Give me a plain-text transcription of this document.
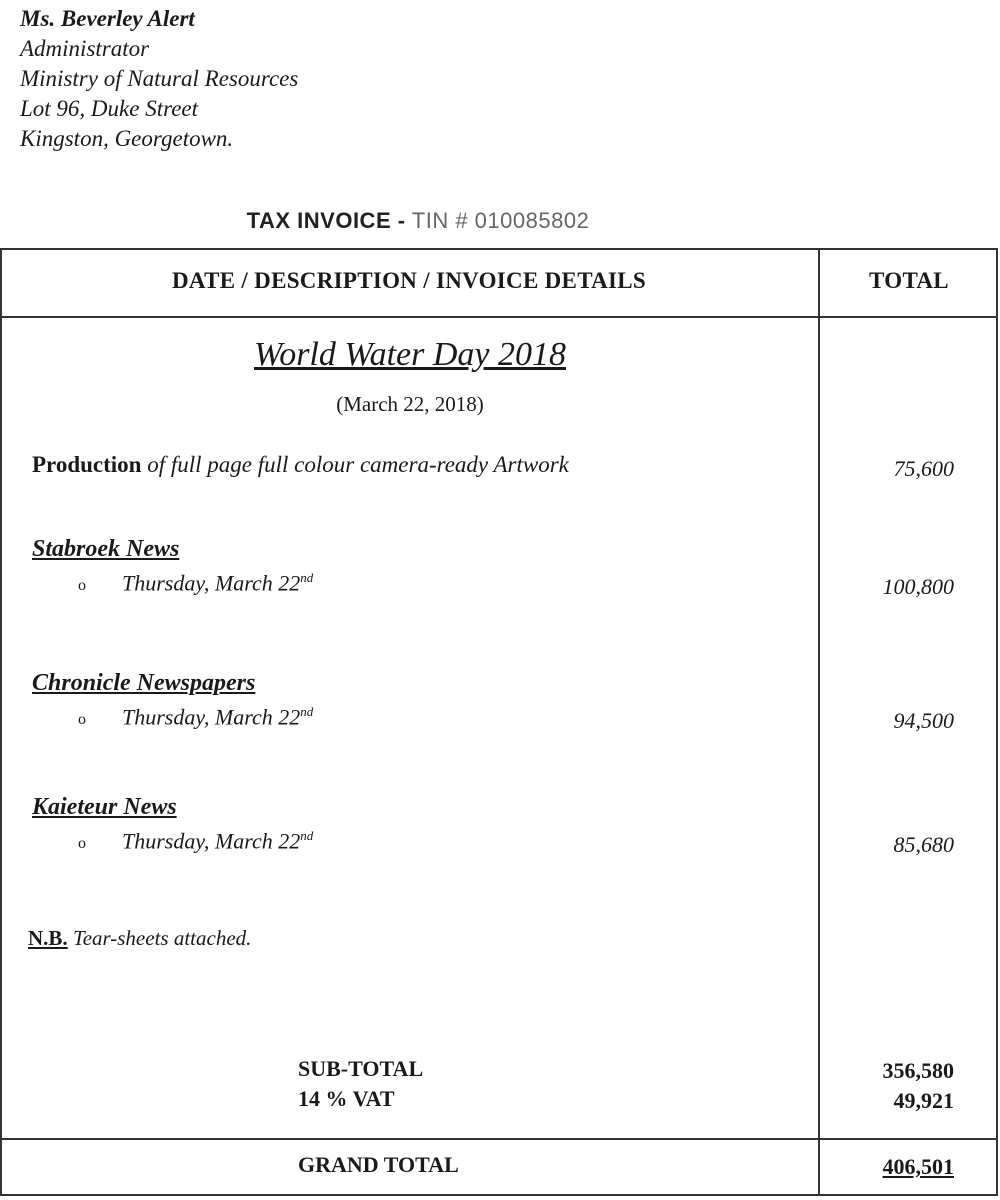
Ms. Beverley Alert
Administrator
Ministry of Natural Resources
Lot 96, Duke Street
Kingston, Georgetown.
TAX INVOICE - TIN # 010085802
DATE / DESCRIPTION / INVOICE DETAILS	TOTAL
World Water Day 2018
(March 22, 2018)
Production of full page full colour camera-ready Artwork	75,600
Stabroek News
o Thursday, March 22nd	100,800
Chronicle Newspapers
o Thursday, March 22nd	94,500
Kaieteur News
o Thursday, March 22nd	85,680
N.B. Tear-sheets attached.
SUB-TOTAL	356,580
14 % VAT	49,921
GRAND TOTAL	406,501
